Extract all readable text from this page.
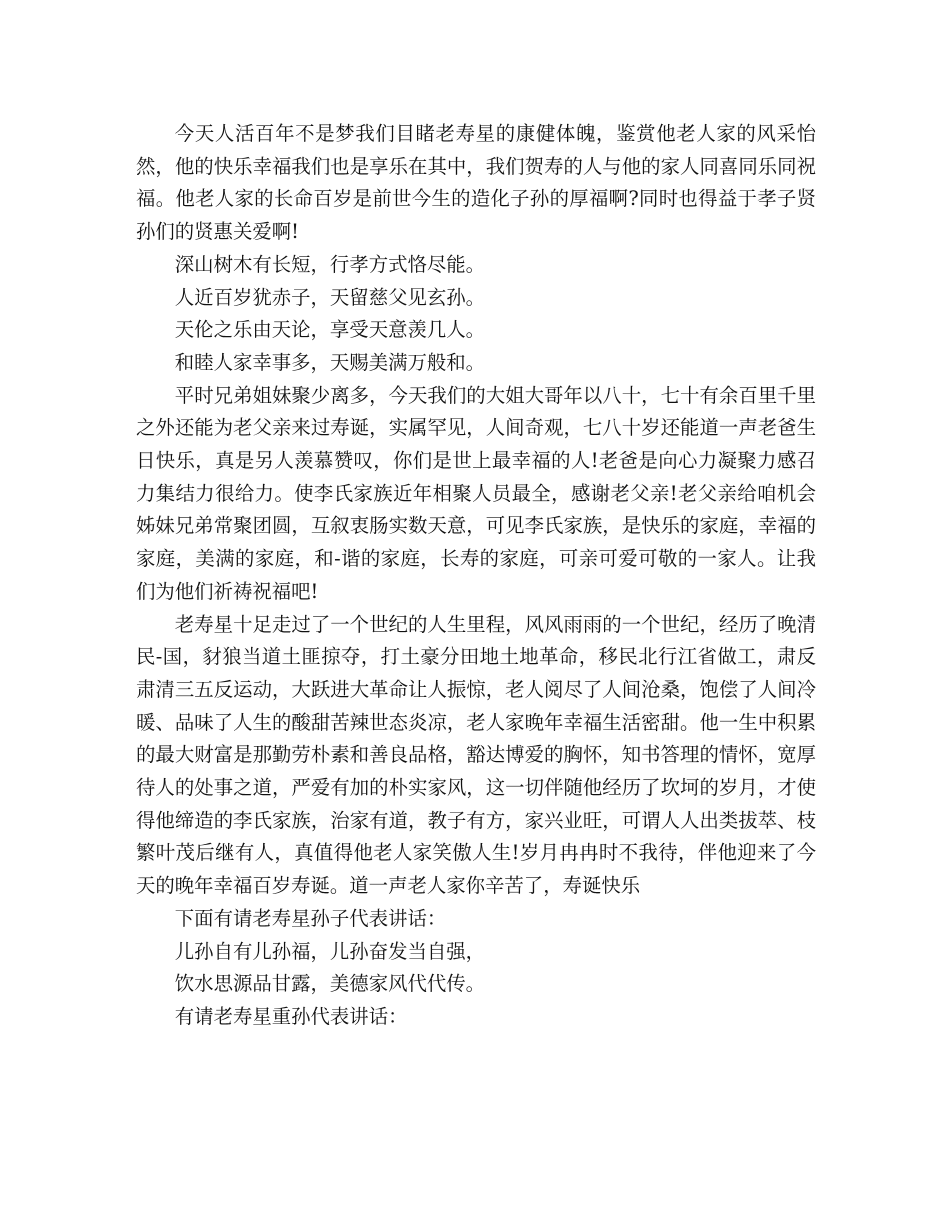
今天人活百年不是梦我们目睹老寿星的康健体魄，鉴赏他老人家的风采怡然，他的快乐幸福我们也是享乐在其中，我们贺寿的人与他的家人同喜同乐同祝福。他老人家的长命百岁是前世今生的造化子孙的厚福啊?同时也得益于孝子贤孙们的贤惠关爱啊!

深山树木有长短，行孝方式恪尽能。

人近百岁犹赤子，天留慈父见玄孙。

天伦之乐由天论，享受天意羡几人。

和睦人家幸事多，天赐美满万般和。

平时兄弟姐妹聚少离多，今天我们的大姐大哥年以八十，七十有余百里千里之外还能为老父亲来过寿诞，实属罕见，人间奇观，七八十岁还能道一声老爸生日快乐，真是另人羡慕赞叹，你们是世上最幸福的人!老爸是向心力凝聚力感召力集结力很给力。使李氏家族近年相聚人员最全，感谢老父亲!老父亲给咱机会姊妹兄弟常聚团圆，互叙衷肠实数天意，可见李氏家族，是快乐的家庭，幸福的家庭，美满的家庭，和-谐的家庭，长寿的家庭，可亲可爱可敬的一家人。让我们为他们祈祷祝福吧!

老寿星十足走过了一个世纪的人生里程，风风雨雨的一个世纪，经历了晚清民-国，豺狼当道土匪掠夺，打土豪分田地土地革命，移民北行江省做工，肃反肃清三五反运动，大跃进大革命让人振惊，老人阅尽了人间沧桑，饱偿了人间冷暖、品味了人生的酸甜苦辣世态炎凉，老人家晚年幸福生活密甜。他一生中积累的最大财富是那勤劳朴素和善良品格，豁达博爱的胸怀，知书答理的情怀，宽厚待人的处事之道，严爱有加的朴实家风，这一切伴随他经历了坎坷的岁月，才使得他缔造的李氏家族，治家有道，教子有方，家兴业旺，可谓人人出类拔萃、枝繁叶茂后继有人，真值得他老人家笑傲人生!岁月冉冉时不我待，伴他迎来了今天的晚年幸福百岁寿诞。道一声老人家你辛苦了，寿诞快乐

下面有请老寿星孙子代表讲话：

儿孙自有儿孙福，儿孙奋发当自强，

饮水思源品甘露，美德家风代代传。

有请老寿星重孙代表讲话：
